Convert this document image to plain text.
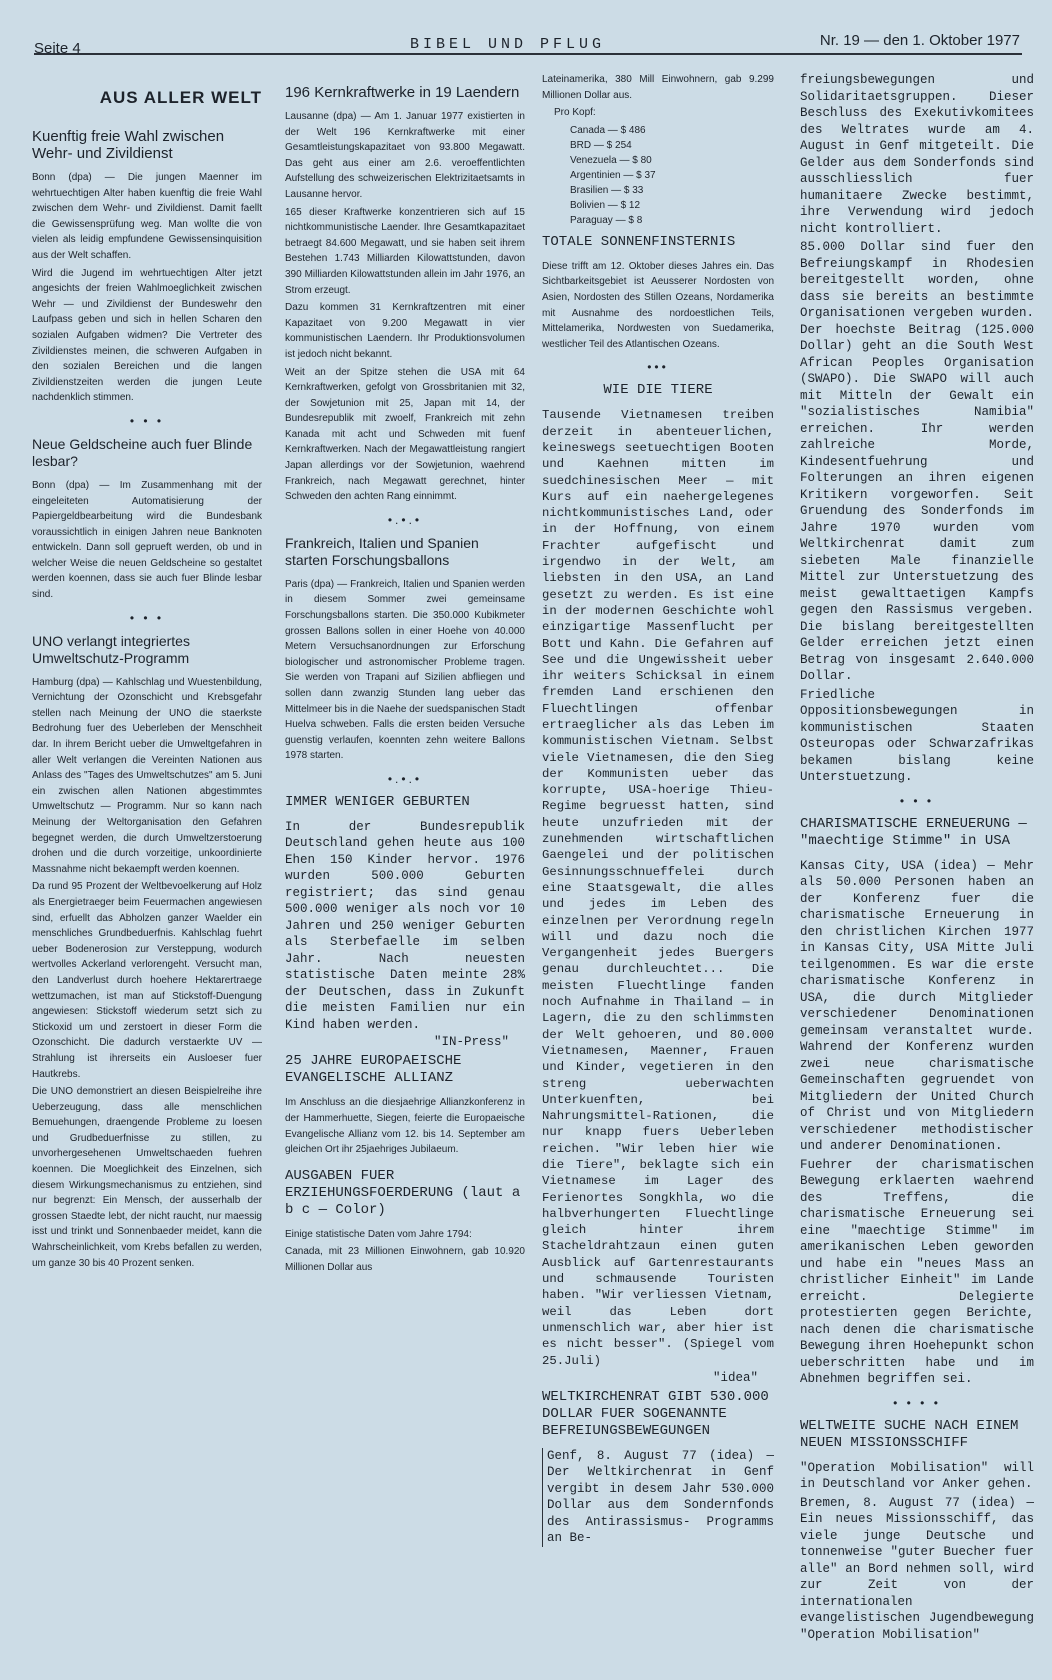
Seite 4	BIBEL UND PFLUG	Nr. 19 — den 1. Oktober 1977
AUS ALLER WELT
Kuenftig freie Wahl zwischen Wehr- und Zivildienst

Bonn (dpa) — Die jungen Maenner im wehrtuechtigen Alter haben kuenftig die freie Wahl zwischen dem Wehr- und Zivildienst. Damit faellt die Gewissensprüfung weg. Man wollte die von vielen als leidig empfundene Gewissensinquisition aus der Welt schaffen.

Wird die Jugend im wehrtuechtigen Alter jetzt angesichts der freien Wahlmoeglichkeit zwischen Wehr — und Zivildienst der Bundeswehr den Laufpass geben und sich in hellen Scharen den sozialen Aufgaben widmen? Die Vertreter des Zivildienstes meinen, die schweren Aufgaben in den sozialen Bereichen und die langen Zivildienstzeiten werden die jungen Leute nachdenklich stimmen.

• • •
Neue Geldscheine auch fuer Blinde lesbar?

Bonn (dpa) — Im Zusammenhang mit der eingeleiteten Automatisierung der Papiergeldbearbeitung wird die Bundesbank voraussichtlich in einigen Jahren neue Banknoten entwickeln. Dann soll geprueft werden, ob und in welcher Weise die neuen Geldscheine so gestaltet werden koennen, dass sie auch fuer Blinde lesbar sind.

• • •
UNO verlangt integriertes Umweltschutz-Programm

Hamburg (dpa) — Kahlschlag und Wuestenbildung, Vernichtung der Ozonschicht und Krebsgefahr stellen nach Meinung der UNO die staerkste Bedrohung fuer des Ueberleben der Menschheit dar. In ihrem Bericht ueber die Umweltgefahren in aller Welt verlangen die Vereinten Nationen aus Anlass des "Tages des Umweltschutzes" am 5. Juni ein zwischen allen Nationen abgestimmtes Umweltschutz — Programm. Nur so kann nach Meinung der Weltorganisation den Gefahren begegnet werden, die durch Umweltzerstoerung drohen und die durch vorzeitige, unkoordinierte Massnahme nicht bekaempft werden koennen.

Da rund 95 Prozent der Weltbevoelkerung auf Holz als Energietraeger beim Feuermachen angewiesen sind, erfuellt das Abholzen ganzer Waelder ein menschliches Grundbeduerfnis. Kahlschlag fuehrt ueber Bodenerosion zur Versteppung, wodurch wertvolles Ackerland verlorengeht. Versucht man, den Landverlust durch hoehere Hektarertraege wettzumachen, ist man auf Stickstoff-Duengung angewiesen: Stickstoff wiederum setzt sich zu Stickoxid um und zerstoert in dieser Form die Ozonschicht. Die dadurch verstaerkte UV — Strahlung ist ihrerseits ein Ausloeser fuer Hautkrebs.

Die UNO demonstriert an diesen Beispielreihe ihre Ueberzeugung, dass alle menschlichen Bemuehungen, draengende Probleme zu loesen und Grudbeduerfnisse zu stillen, zu unvorhergesehenen Umweltschaeden fuehren koennen. Die Moeglichkeit des Einzelnen, sich diesem Wirkungsmechanismus zu entziehen, sind nur begrenzt: Ein Mensch, der ausserhalb der grossen Staedte lebt, der nicht raucht, nur maessig isst und trinkt und Sonnenbaeder meidet, kann die Wahrscheinlichkeit, vom Krebs befallen zu werden, um ganze 30 bis 40 Prozent senken.

196 Kernkraftwerke in 19 Laendern

Lausanne (dpa) — Am 1. Januar 1977 existierten in der Welt 196 Kernkraftwerke mit einer Gesamtleistungskapazitaet von 93.800 Megawatt. Das geht aus einer am 2.6. veroeffentlichten Aufstellung des schweizerischen Elektrizitaetsamts in Lausanne hervor.

165 dieser Kraftwerke konzentrieren sich auf 15 nichtkommunistische Laender. Ihre Gesamtkapazitaet betraegt 84.600 Megawatt, und sie haben seit ihrem Bestehen 1.743 Milliarden Kilowattstunden, davon 390 Milliarden Kilowattstunden allein im Jahr 1976, an Strom erzeugt.

Dazu kommen 31 Kernkraftzentren mit einer Kapazitaet von 9.200 Megawatt in vier kommunistischen Laendern. Ihr Produktionsvolumen ist jedoch nicht bekannt.

Weit an der Spitze stehen die USA mit 64 Kernkraftwerken, gefolgt von Grossbritanien mit 32, der Sowjetunion mit 25, Japan mit 14, der Bundesrepublik mit zwoelf, Frankreich mit zehn Kanada mit acht und Schweden mit fuenf Kernkraftwerken. Nach der Megawattleistung rangiert Japan allerdings vor der Sowjetunion, waehrend Frankreich, nach Megawatt gerechnet, hinter Schweden den achten Rang einnimmt.

•.•.•
Frankreich, Italien und Spanien starten Forschungsballons

Paris (dpa) — Frankreich, Italien und Spanien werden in diesem Sommer zwei gemeinsame Forschungsballons starten. Die 350.000 Kubikmeter grossen Ballons sollen in einer Hoehe von 40.000 Metern Versuchsanordnungen zur Erforschung biologischer und astronomischer Probleme tragen. Sie werden von Trapani auf Sizilien abfliegen und sollen dann zwanzig Stunden lang ueber das Mittelmeer bis in die Naehe der suedspanischen Stadt Huelva schweben. Falls die ersten beiden Versuche guenstig verlaufen, koennten zehn weitere Ballons 1978 starten.

•.•.•
IMMER WENIGER GEBURTEN

In der Bundesrepublik Deutschland gehen heute aus 100 Ehen 150 Kinder hervor. 1976 wurden 500.000 Geburten registriert; das sind genau 500.000 weniger als noch vor 10 Jahren und 250 weniger Geburten als Sterbefaelle im selben Jahr. Nach neuesten statistische Daten meinte 28% der Deutschen, dass in Zukunft die meisten Familien nur ein Kind haben werden.

"IN-Press"
25 JAHRE EUROPAEISCHE EVANGELISCHE ALLIANZ

Im Anschluss an die diesjaehrige Allianzkonferenz in der Hammerhuette, Siegen, feierte die Europaeische Evangelische Allianz vom 12. bis 14. September am gleichen Ort ihr 25jaehriges Jubilaeum.

AUSGABEN FUER ERZIEHUNGSFOERDERUNG (laut a b c — Color)

Einige statistische Daten vom Jahre 1794:

Canada, mit 23 Millionen Einwohnern, gab 10.920 Millionen Dollar aus

Lateinamerika, 380 Mill Einwohnern, gab 9.299 Millionen Dollar aus.

Pro Kopf:

Canada — $ 486
BRD — $ 254
Venezuela — $ 80
Argentinien — $ 37
Brasilien — $ 33
Bolivien — $ 12
Paraguay — $ 8
TOTALE SONNENFINSTERNIS

Diese trifft am 12. Oktober dieses Jahres ein. Das Sichtbarkeitsgebiet ist Aeusserer Nordosten von Asien, Nordosten des Stillen Ozeans, Nordamerika mit Ausnahme des nordoestlichen Teils, Mittelamerika, Nordwesten von Suedamerika, westlicher Teil des Atlantischen Ozeans.

•••
WIE DIE TIERE

Tausende Vietnamesen treiben derzeit in abenteuerlichen, keineswegs seetuechtigen Booten und Kaehnen mitten im suedchinesischen Meer — mit Kurs auf ein naehergelegenes nichtkommunistisches Land, oder in der Hoffnung, von einem Frachter aufgefischt und irgendwo in der Welt, am liebsten in den USA, an Land gesetzt zu werden. Es ist eine in der modernen Geschichte wohl einzigartige Massenflucht per Bott und Kahn. Die Gefahren auf See und die Ungewissheit ueber ihr weiters Schicksal in einem fremden Land erschienen den Fluechtlingen offenbar ertraeglicher als das Leben im kommunistischen Vietnam. Selbst viele Vietnamesen, die den Sieg der Kommunisten ueber das korrupte, USA-hoerige Thieu-Regime begruesst hatten, sind heute unzufrieden mit der zunehmenden wirtschaftlichen Gaengelei und der politischen Gesinnungsschnueffelei durch eine Staatsgewalt, die alles und jedes im Leben des einzelnen per Verordnung regeln will und dazu noch die Vergangenheit jedes Buergers genau durchleuchtet... Die meisten Fluechtlinge fanden noch Aufnahme in Thailand — in Lagern, die zu den schlimmsten der Welt gehoeren, und 80.000 Vietnamesen, Maenner, Frauen und Kinder, vegetieren in den streng ueberwachten Unterkuenften, bei Nahrungsmittel-Rationen, die nur knapp fuers Ueberleben reichen. "Wir leben hier wie die Tiere", beklagte sich ein Vietnamese im Lager des Ferienortes Songkhla, wo die halbverhungerten Fluechtlinge gleich hinter ihrem Stacheldrahtzaun einen guten Ausblick auf Gartenrestaurants und schmausende Touristen haben. "Wir verliessen Vietnam, weil das Leben dort unmenschlich war, aber hier ist es nicht besser". (Spiegel vom 25.Juli)

"idea"
WELTKIRCHENRAT GIBT 530.000 DOLLAR FUER SOGENANNTE BEFREIUNGSBEWEGUNGEN

Genf, 8. August 77 (idea) — Der Weltkirchenrat in Genf vergibt in desem Jahr 530.000 Dollar aus dem Sondernfonds des Antirassismus- Programms an Be-

freiungsbewegungen und Solidaritaetsgruppen. Dieser Beschluss des Exekutivkomitees des Weltrates wurde am 4. August in Genf mitgeteilt. Die Gelder aus dem Sonderfonds sind ausschliesslich fuer humanitaere Zwecke bestimmt, ihre Verwendung wird jedoch nicht kontrolliert.

85.000 Dollar sind fuer den Befreiungskampf in Rhodesien bereitgestellt worden, ohne dass sie bereits an bestimmte Organisationen vergeben wurden. Der hoechste Beitrag (125.000 Dollar) geht an die South West African Peoples Organisation (SWAPO). Die SWAPO will auch mit Mitteln der Gewalt ein "sozialistisches Namibia" erreichen. Ihr werden zahlreiche Morde, Kindesentfuehrung und Folterungen an ihren eigenen Kritikern vorgeworfen. Seit Gruendung des Sonderfonds im Jahre 1970 wurden vom Weltkirchenrat damit zum siebeten Male finanzielle Mittel zur Unterstuetzung des meist gewalttaetigen Kampfs gegen den Rassismus vergeben. Die bislang bereitgestellten Gelder erreichen jetzt einen Betrag von insgesamt 2.640.000 Dollar.

Friedliche Oppositionsbewegungen in kommunistischen Staaten Osteuropas oder Schwarzafrikas bekamen bislang keine Unterstuetzung.

• • •
CHARISMATISCHE ERNEUERUNG — "maechtige Stimme" in USA

Kansas City, USA (idea) — Mehr als 50.000 Personen haben an der Konferenz fuer die charismatische Erneuerung in den christlichen Kirchen 1977 in Kansas City, USA Mitte Juli teilgenommen. Es war die erste charismatische Konferenz in USA, die durch Mitglieder verschiedener Denominationen gemeinsam veranstaltet wurde. Wahrend der Konferenz wurden zwei neue charismatische Gemeinschaften gegruendet von Mitgliedern der United Church of Christ und von Mitgliedern verschiedener methodistischer und anderer Denominationen.

Fuehrer der charismatischen Bewegung erklaerten waehrend des Treffens, die charismatische Erneuerung sei eine "maechtige Stimme" im amerikanischen Leben geworden und habe ein "neues Mass an christlicher Einheit" im Lande erreicht. Delegierte protestierten gegen Berichte, nach denen die charismatische Bewegung ihren Hoehepunkt schon ueberschritten habe und im Abnehmen begriffen sei.

• • • •
WELTWEITE SUCHE NACH EINEM NEUEN MISSIONSSCHIFF

"Operation Mobilisation" will in Deutschland vor Anker gehen.

Bremen, 8. August 77 (idea) — Ein neues Missionsschiff, das viele junge Deutsche und tonnenweise "guter Buecher fuer alle" an Bord nehmen soll, wird zur Zeit von der internationalen evangelistischen Jugendbewegung "Operation Mobilisation"
